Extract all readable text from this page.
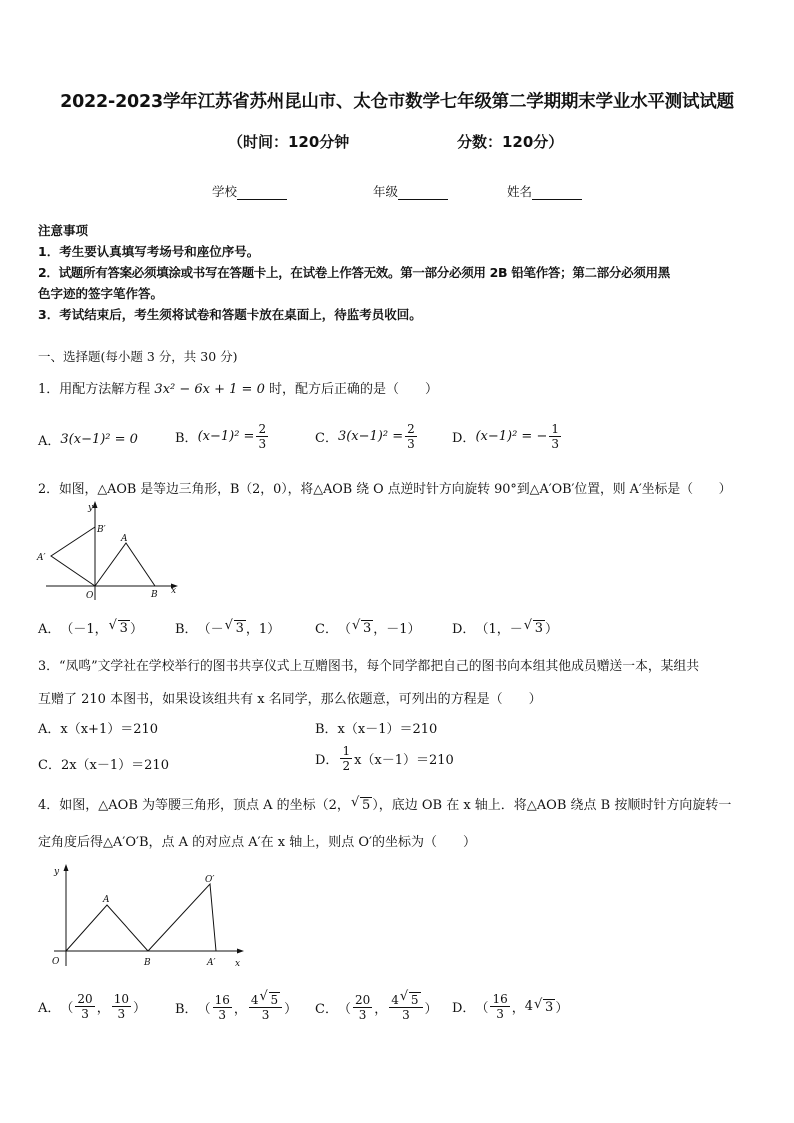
2022-2023学年江苏省苏州昆山市、太仓市数学七年级第二学期期末学业水平测试试题
（时间：120分钟	分数：120分）
学校	年级	姓名
注意事项
1．考生要认真填写考场号和座位序号。
2．试题所有答案必须填涂或书写在答题卡上，在试卷上作答无效。第一部分必须用 2B 铅笔作答；第二部分必须用黑
色字迹的签字笔作答。
3．考试结束后，考生须将试卷和答题卡放在桌面上，待监考员收回。
一、选择题(每小题 3 分，共 30 分)
1．用配方法解方程 3x² − 6x + 1 = 0 时，配方后正确的是（　　）
A． 3(x−1)² = 0	B． $(x-1)^2 = \frac{2}{3}$	C． $3(x-1)^2 = \frac{2}{3}$	D． (x−1)² = − $\frac{1}{3}$
2．如图，△AOB 是等边三角形，B（2，0），将△AOB 绕 O 点逆时针方向旋转 90°到△A′OB′位置，则 A′坐标是（　　）
y
x
O
A
B
A′
B′
A． （－1， √ 3 ） B． （－ √ 3 ，1）	C． （ √ 3 ，－1） D． （1，－ √ 3 ）
3．“凤鸣”文学社在学校举行的图书共享仪式上互赠图书，每个同学都把自己的图书向本组其他成员赠送一本，某组共
互赠了 210 本图书，如果设该组共有 x 名同学，那么依题意，可列出的方程是（　　）
A．x（x+1）＝210	B．x（x－1）＝210
C．2x（x－1）＝210	D． $\frac{1}{2} x(x-1)=210$
4．如图，△AOB 为等腰三角形，顶点 A 的坐标（2， √ 5 ），底边 OB 在 x 轴上．将△AOB 绕点 B 按顺时针方向旋转一
定角度后得△A′O′B，点 A 的对应点 A′在 x 轴上，则点 O′的坐标为（　　）
y
x
O
A
B	A′
O′
A． （ $\frac{20}{3}$ ， $\frac{10}{3}$ ） B． （ $\frac{16}{3}$ ， $\frac{4 √ 5}{3}$ ） C． （ $\frac{20}{3}$ ， $\frac{4 √ 5}{3}$ ） D． （ $\frac{16}{3}$ ， 4 √ 3 ）
